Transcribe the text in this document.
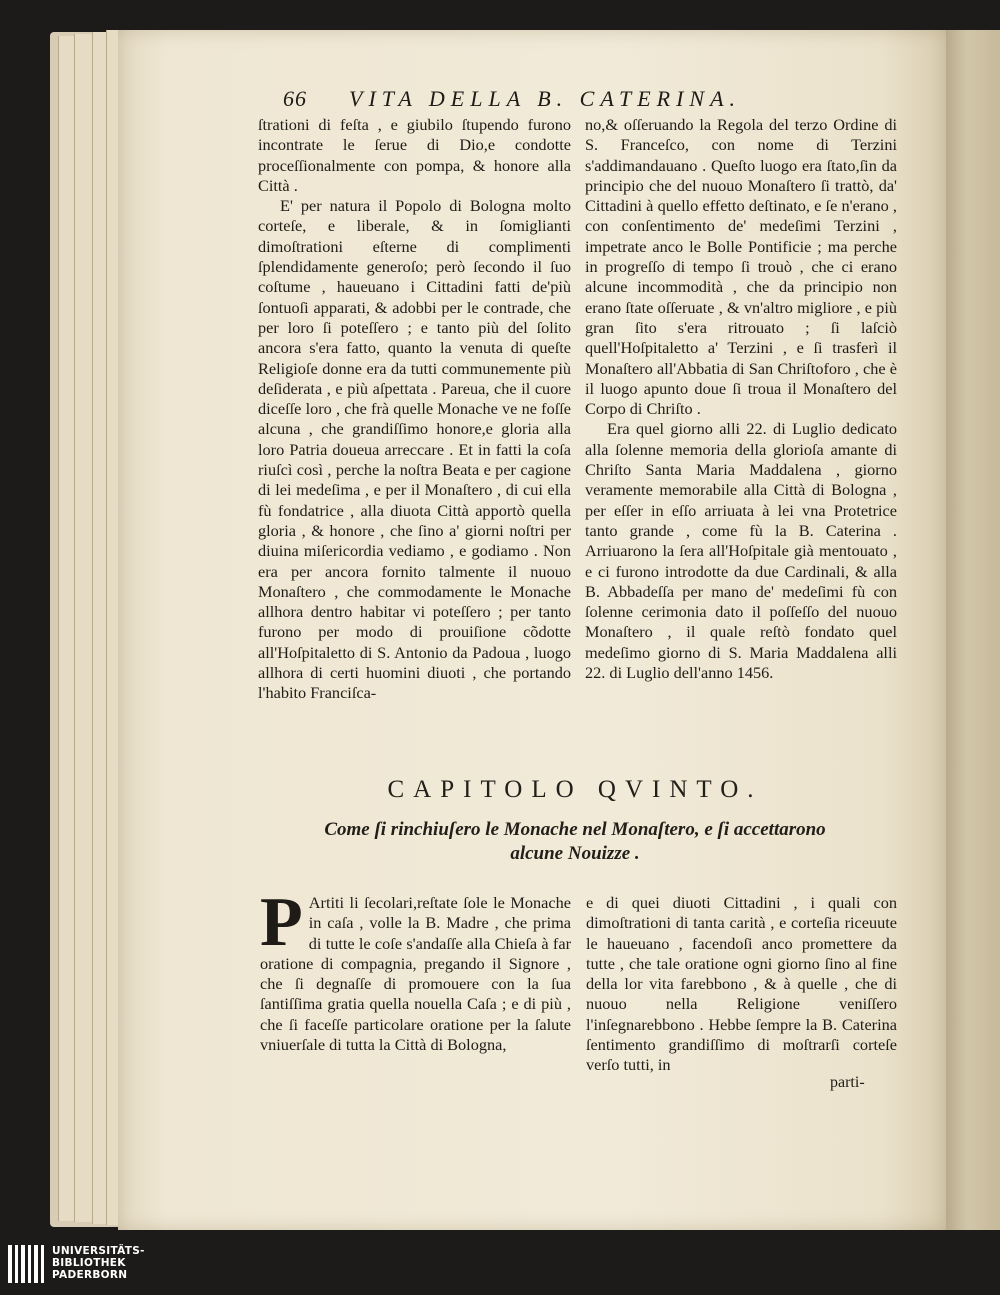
66 VITA DELLA B. CATERINA.

ſtrationi di feſta , e giubilo ſtupendo furono incontrate le ſerue di Dio,e condotte proceſſionalmente con pompa, & honore alla Città .

E' per natura il Popolo di Bologna molto corteſe, e liberale, & in ſomiglianti dimoſtrationi eſterne di complimenti ſplendidamente generoſo; però ſecondo il ſuo coſtume , haueuano i Cittadini fatti de'più ſontuoſi apparati, & adobbi per le contrade, che per loro ſi poteſſero ; e tanto più del ſolito ancora s'era fatto, quanto la venuta di queſte Religioſe donne era da tutti communemente più deſiderata , e più aſpettata . Pareua, che il cuore diceſſe loro , che frà quelle Monache ve ne foſſe alcuna , che grandiſſimo honore,e gloria alla loro Patria doueua arreccare . Et in fatti la coſa riuſcì così , perche la noſtra Beata e per cagione di lei medeſima , e per il Monaſtero , di cui ella fù fondatrice , alla diuota Città apportò quella gloria , & honore , che ſino a' giorni noſtri per diuina miſericordia vediamo , e godiamo . Non era per ancora fornito talmente il nuouo Monaſtero , che commodamente le Monache allhora dentro habitar vi poteſſero ; per tanto furono per modo di prouiſione cõdotte all'Hoſpitaletto di S. Antonio da Padoua , luogo allhora di certi huomini diuoti , che portando l'habito Franciſca-

no,& oſſeruando la Regola del terzo Ordine di S. Franceſco, con nome di Terzini s'addimandauano . Queſto luogo era ſtato,ſin da principio che del nuouo Monaſtero ſi trattò, da' Cittadini à quello effetto deſtinato, e ſe n'erano , con conſentimento de' medeſimi Terzini , impetrate anco le Bolle Pontificie ; ma perche in progreſſo di tempo ſi trouò , che ci erano alcune incommodità , che da principio non erano ſtate oſſeruate , & vn'altro migliore , e più gran ſito s'era ritrouato ; ſi laſciò quell'Hoſpitaletto a' Terzini , e ſi trasferì il Monaſtero all'Abbatia di San Chriſtoforo , che è il luogo apunto doue ſi troua il Monaſtero del Corpo di Chriſto .

Era quel giorno alli 22. di Luglio dedicato alla ſolenne memoria della glorioſa amante di Chriſto Santa Maria Maddalena , giorno veramente memorabile alla Città di Bologna , per eſſer in eſſo arriuata à lei vna Protetrice tanto grande , come fù la B. Caterina . Arriuarono la ſera all'Hoſpitale già mentouato , e ci furono introdotte da due Cardinali, & alla B. Abbadeſſa per mano de' medeſimi fù con ſolenne cerimonia dato il poſſeſſo del nuouo Monaſtero , il quale reſtò fondato quel medeſimo giorno di S. Maria Maddalena alli 22. di Luglio dell'anno 1456.

CAPITOLO QVINTO.
Come ſi rinchiuſero le Monache nel Monaſtero, e ſi accettarono
alcune Nouizze .
P Artiti li ſecolari,reſtate ſole le Monache in caſa , volle la B. Madre , che prima di tutte le coſe s'andaſſe alla Chieſa à far oratione di compagnia, pregando il Signore , che ſi degnaſſe di promouere con la ſua ſantiſſima gratia quella nouella Caſa ; e di più , che ſi faceſſe particolare oratione per la ſalute vniuerſale di tutta la Città di Bologna,
e di quei diuoti Cittadini , i quali con dimoſtrationi di tanta carità , e corteſia riceuute le haueuano , facendoſi anco promettere da tutte , che tale oratione ogni giorno ſino al fine della lor vita farebbono , & à quelle , che di nuouo nella Religione veniſſero l'inſegnarebbono . Hebbe ſempre la B. Caterina ſentimento grandiſſimo di moſtrarſi corteſe verſo tutti, in
parti-
UNIVERSITÄTS-
BIBLIOTHEK
PADERBORN
